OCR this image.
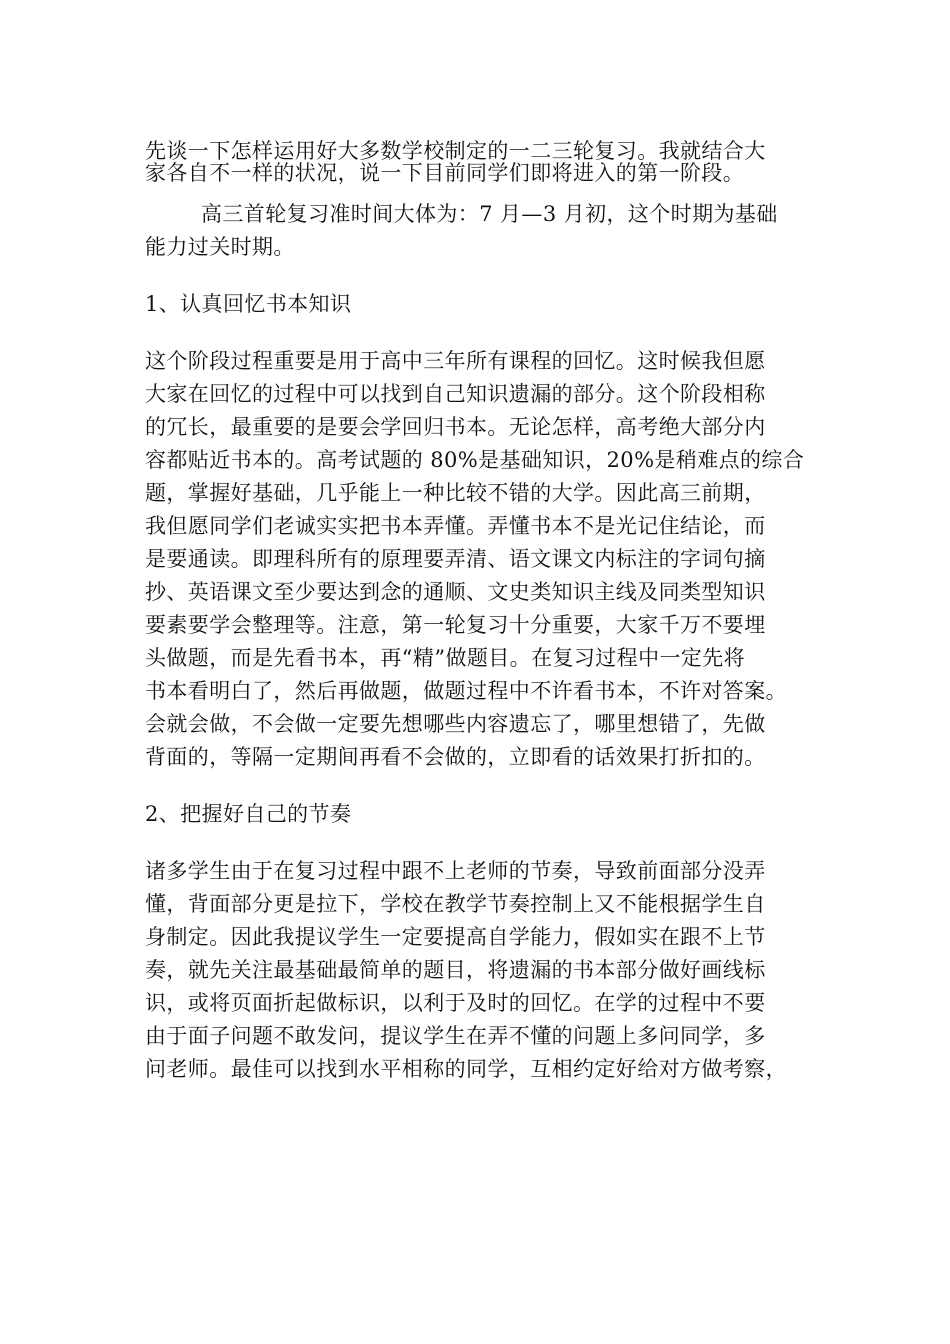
先谈一下怎样运用好大多数学校制定的一二三轮复习。我就结合大
家各自不一样的状况，说一下目前同学们即将进入的第一阶段。

高三首轮复习准时间大体为：7 月—3 月初，这个时期为基础
能力过关时期。

1、认真回忆书本知识

这个阶段过程重要是用于高中三年所有课程的回忆。这时候我但愿
大家在回忆的过程中可以找到自己知识遗漏的部分。这个阶段相称
的冗长，最重要的是要会学回归书本。无论怎样，高考绝大部分内
容都贴近书本的。高考试题的 80%是基础知识，20%是稍难点的综合
题，掌握好基础，几乎能上一种比较不错的大学。因此高三前期，
我但愿同学们老诚实实把书本弄懂。弄懂书本不是光记住结论，而
是要通读。即理科所有的原理要弄清、语文课文内标注的字词句摘
抄、英语课文至少要达到念的通顺、文史类知识主线及同类型知识
要素要学会整理等。注意，第一轮复习十分重要，大家千万不要埋
头做题，而是先看书本，再“精”做题目。在复习过程中一定先将
书本看明白了，然后再做题，做题过程中不许看书本，不许对答案。
会就会做，不会做一定要先想哪些内容遗忘了，哪里想错了，先做
背面的，等隔一定期间再看不会做的，立即看的话效果打折扣的。

2、把握好自己的节奏

诸多学生由于在复习过程中跟不上老师的节奏，导致前面部分没弄
懂，背面部分更是拉下，学校在教学节奏控制上又不能根据学生自
身制定。因此我提议学生一定要提高自学能力，假如实在跟不上节
奏，就先关注最基础最简单的题目，将遗漏的书本部分做好画线标
识，或将页面折起做标识，以利于及时的回忆。在学的过程中不要
由于面子问题不敢发问，提议学生在弄不懂的问题上多问同学，多
问老师。最佳可以找到水平相称的同学，互相约定好给对方做考察，
